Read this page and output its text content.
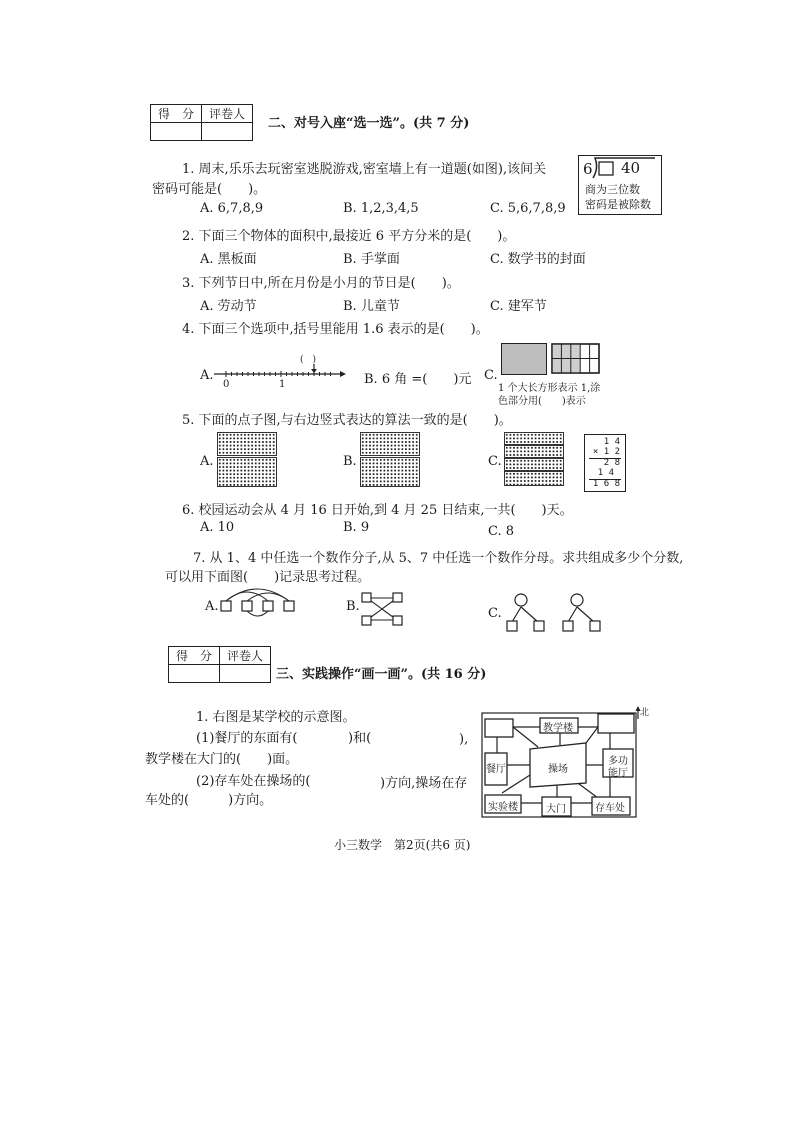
得　分	评卷人

二、对号入座“选一选”。(共 7 分)
1. 周末,乐乐去玩密室逃脱游戏,密室墙上有一道题(如图),该间关
密码可能是(　　)。
6 40
商为三位数
密码是被除数
A. 6,7,8,9	B. 1,2,3,4,5	C. 5,6,7,8,9
2. 下面三个物体的面积中,最接近 6 平方分米的是(　　)。
A. 黑板面	B. 手掌面	C. 数学书的封面
3. 下列节日中,所在月份是小月的节日是(　　)。
A. 劳动节	B. 儿童节	C. 建军节
4. 下面三个选项中,括号里能用 1.6 表示的是(　　)。
A.
(　)
0	1	B. 6 角 =(　　)元 C.
1 个大长方形表示 1,涂
色部分用(　　)表示
5. 下面的点子图,与右边竖式表达的算法一致的是(　　)。
A.	B.	C.
1 4
× 1 2
2 8
1 4
1 6 8
6. 校园运动会从 4 月 16 日开始,到 4 月 25 日结束,一共(　　)天。
A. 10	B. 9	C. 8
7. 从 1、4 中任选一个数作分子,从 5、7 中任选一个数作分母。求共组成多少个分数,
可以用下面图(　　)记录思考过程。
A.	B.	C.
得　分	评卷人

三、实践操作“画一画”。(共 16 分)
1. 右图是某学校的示意图。
(1)餐厅的东面有(	)和(	),
教学楼在大门的(　　)面。
(2)存车处在操场的(	)方向,操场在存
车处的(　　　)方向。
北
教学楼
餐厅	操场
多功
能厅
实验楼	大门	存车处
小三数学　第2页(共6 页)
